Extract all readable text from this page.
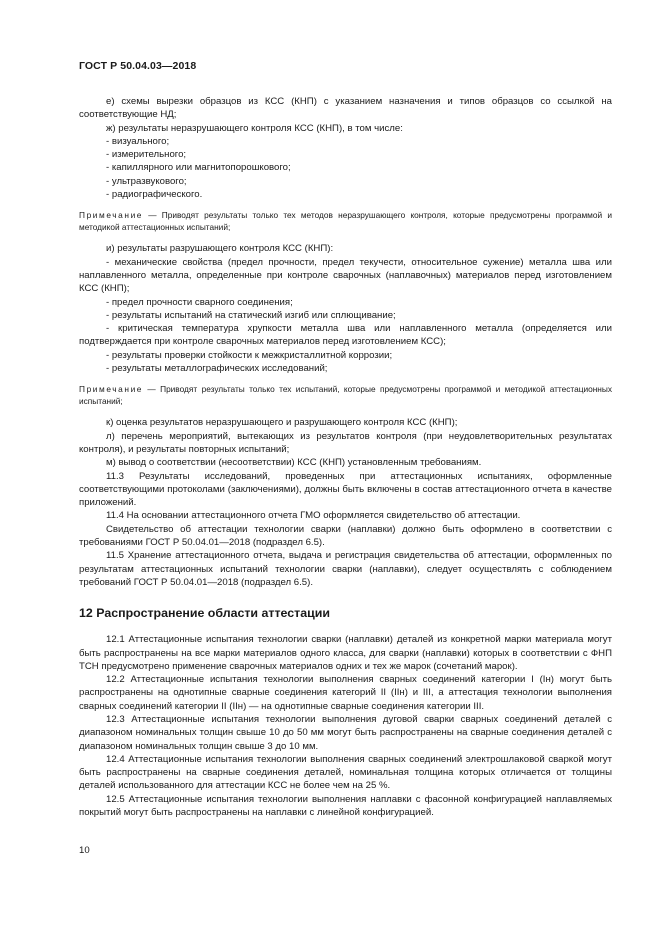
ГОСТ Р 50.04.03—2018

е) схемы вырезки образцов из КСС (КНП) с указанием назначения и типов образцов со ссылкой на соответствующие НД;

ж) результаты неразрушающего контроля КСС (КНП), в том числе:

- визуального;

- измерительного;

- капиллярного или магнитопорошкового;

- ультразвукового;

- радиографического.

Примечание — Приводят результаты только тех методов неразрушающего контроля, которые предусмотрены программой и методикой аттестационных испытаний;

и) результаты разрушающего контроля КСС (КНП):

- механические свойства (предел прочности, предел текучести, относительное сужение) металла шва или наплавленного металла, определенные при контроле сварочных (наплавочных) материалов перед изготовлением КСС (КНП);

- предел прочности сварного соединения;

- результаты испытаний на статический изгиб или сплющивание;

- критическая температура хрупкости металла шва или наплавленного металла (определяется или подтверждается при контроле сварочных материалов перед изготовлением КСС);

- результаты проверки стойкости к межкристаллитной коррозии;

- результаты металлографических исследований;

Примечание — Приводят результаты только тех испытаний, которые предусмотрены программой и методикой аттестационных испытаний;

к) оценка результатов неразрушающего и разрушающего контроля КСС (КНП);

л) перечень мероприятий, вытекающих из результатов контроля (при неудовлетворительных результатах контроля), и результаты повторных испытаний;

м) вывод о соответствии (несоответствии) КСС (КНП) установленным требованиям.

11.3 Результаты исследований, проведенных при аттестационных испытаниях, оформленные соответствующими протоколами (заключениями), должны быть включены в состав аттестационного отчета в качестве приложений.

11.4 На основании аттестационного отчета ГМО оформляется свидетельство об аттестации.

Свидетельство об аттестации технологии сварки (наплавки) должно быть оформлено в соответствии с требованиями ГОСТ Р 50.04.01—2018 (подраздел 6.5).

11.5 Хранение аттестационного отчета, выдача и регистрация свидетельства об аттестации, оформленных по результатам аттестационных испытаний технологии сварки (наплавки), следует осуществлять с соблюдением требований ГОСТ Р 50.04.01—2018 (подраздел 6.5).

12 Распространение области аттестации

12.1 Аттестационные испытания технологии сварки (наплавки) деталей из конкретной марки материала могут быть распространены на все марки материалов одного класса, для сварки (наплавки) которых в соответствии с ФНП ТСН предусмотрено применение сварочных материалов одних и тех же марок (сочетаний марок).

12.2 Аттестационные испытания технологии выполнения сварных соединений категории I (Iн) могут быть распространены на однотипные сварные соединения категорий II (IIн) и III, а аттестация технологии выполнения сварных соединений категории II (IIн) — на однотипные сварные соединения категории III.

12.3 Аттестационные испытания технологии выполнения дуговой сварки сварных соединений деталей с диапазоном номинальных толщин свыше 10 до 50 мм могут быть распространены на сварные соединения деталей с диапазоном номинальных толщин свыше 3 до 10 мм.

12.4 Аттестационные испытания технологии выполнения сварных соединений электрошлаковой сваркой могут быть распространены на сварные соединения деталей, номинальная толщина которых отличается от толщины деталей использованного для аттестации КСС не более чем на 25 %.

12.5 Аттестационные испытания технологии выполнения наплавки с фасонной конфигурацией наплавляемых покрытий могут быть распространены на наплавки с линейной конфигурацией.

10
